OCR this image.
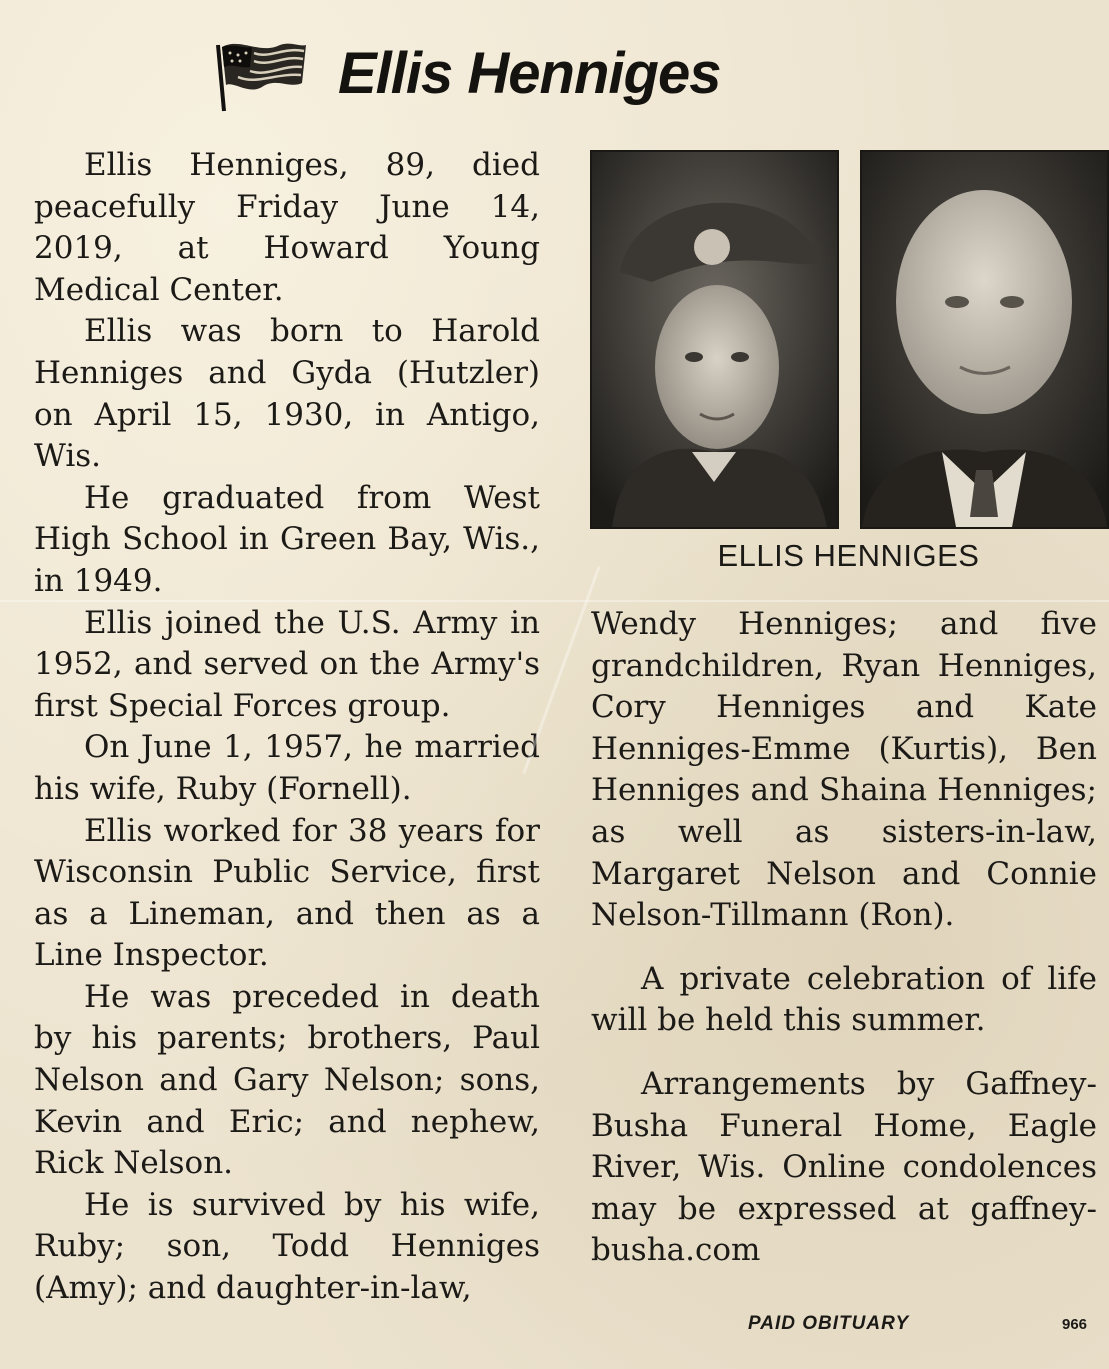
Ellis Henniges

Ellis Henniges, 89, died peacefully Friday June 14, 2019, at Howard Young Medical Center.

Ellis was born to Harold Henniges and Gyda (Hutzler) on April 15, 1930, in Antigo, Wis.

He graduated from West High School in Green Bay, Wis., in 1949.

Ellis joined the U.S. Army in 1952, and served on the Army's first Special Forces group.

On June 1, 1957, he married his wife, Ruby (Fornell).

Ellis worked for 38 years for Wisconsin Public Service, first as a Lineman, and then as a Line Inspector.

He was preceded in death by his parents; brothers, Paul Nelson and Gary Nelson; sons, Kevin and Eric; and nephew, Rick Nelson.

He is survived by his wife, Ruby; son, Todd Henniges (Amy); and daughter-in-law,

ELLIS HENNIGES

Wendy Henniges; and five grandchildren, Ryan Henniges, Cory Henniges and Kate Henniges-Emme (Kurtis), Ben Henniges and Shaina Henniges; as well as sisters-in-law, Margaret Nelson and Connie Nelson-Tillmann (Ron).

A private celebration of life will be held this summer.

Arrangements by Gaffney-Busha Funeral Home, Eagle River, Wis. Online condolences may be expressed at gaffney-busha.com

PAID OBITUARY	966
